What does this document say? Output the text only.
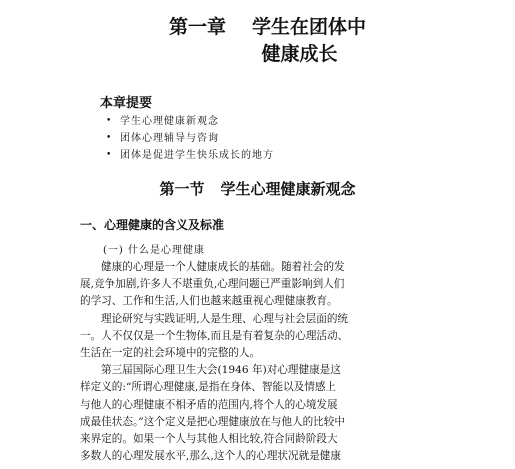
第一章 学生在团体中
健康成长
本章提要
• 学生心理健康新观念
• 团体心理辅导与咨询
• 团体是促进学生快乐成长的地方
第一节 学生心理健康新观念
一、心理健康的含义及标准
(一) 什么是心理健康

健康的心理是一个人健康成长的基础。随着社会的发

展,竞争加剧,许多人不堪重负,心理问题已严重影响到人们

的学习、工作和生活,人们也越来越重视心理健康教育。

理论研究与实践证明,人是生理、心理与社会层面的统

一。人不仅仅是一个生物体,而且是有着复杂的心理活动、

生活在一定的社会环境中的完整的人。

第三届国际心理卫生大会(1946 年)对心理健康是这

样定义的:“所谓心理健康,是指在身体、智能以及情感上

与他人的心理健康不相矛盾的范围内,将个人的心境发展

成最佳状态。”这个定义是把心理健康放在与他人的比较中

来界定的。如果一个人与其他人相比较,符合同龄阶段大

多数人的心理发展水平,那么,这个人的心理状况就是健康
